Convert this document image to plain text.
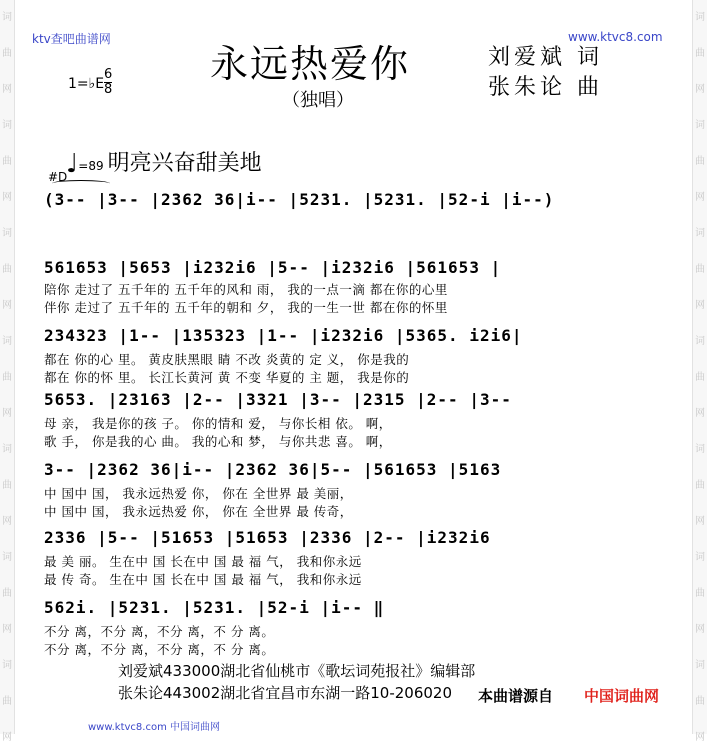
词曲网词曲网词曲网词曲网词曲网词曲网词曲网
词曲网词曲网词曲网词曲网词曲网词曲网词曲网
ktv查吧曲谱网	www.ktvc8.com
永远热爱你
（独唱）
刘爱斌 词
张朱论 曲
1=♭E
6
8
♩=89 明亮兴奋甜美地
#D
(3-- |3-- |2362 36|i-- |5231. |5231. |52-i |i--)
561653 |5653 |i232i6 |5-- |i232i6 |561653 |
陪你 走过了 五千年的 五千年的风和 雨， 我的一点一滴 都在你的心里
伴你 走过了 五千年的 五千年的朝和 夕， 我的一生一世 都在你的怀里
234323 |1-- |135323 |1-- |i232i6 |5365. i2i6|
都在 你的心 里。 黄皮肤黑眼 睛 不改 炎黄的 定 义， 你是我的
都在 你的怀 里。 长江长黄河 黄 不变 华夏的 主 题， 我是你的
5653. |23163 |2-- |3321 |3-- |2315 |2-- |3--
母 亲， 我是你的孩 子。 你的情和 爱， 与你长相 依。 啊，
歌 手， 你是我的心 曲。 我的心和 梦， 与你共悲 喜。 啊，
3-- |2362 36|i-- |2362 36|5-- |561653 |5163
中 国中 国， 我永远热爱 你， 你在 全世界 最 美丽，
中 国中 国， 我永远热爱 你， 你在 全世界 最 传奇，
2336 |5-- |51653 |51653 |2336 |2-- |i232i6
最 美 丽。 生在中 国 长在中 国 最 福 气， 我和你永远
最 传 奇。 生在中 国 长在中 国 最 福 气， 我和你永远
562i. |5231. |5231. |52-i |i-- ‖
不分 离，不分 离，不分 离，不 分 离。
不分 离，不分 离，不分 离，不 分 离。
刘爱斌433000湖北省仙桃市《歌坛词苑报社》编辑部
张朱论443002湖北省宜昌市东湖一路10-206020
www.ktvc8.com 中国词曲网
本曲谱源自 中国词曲网
